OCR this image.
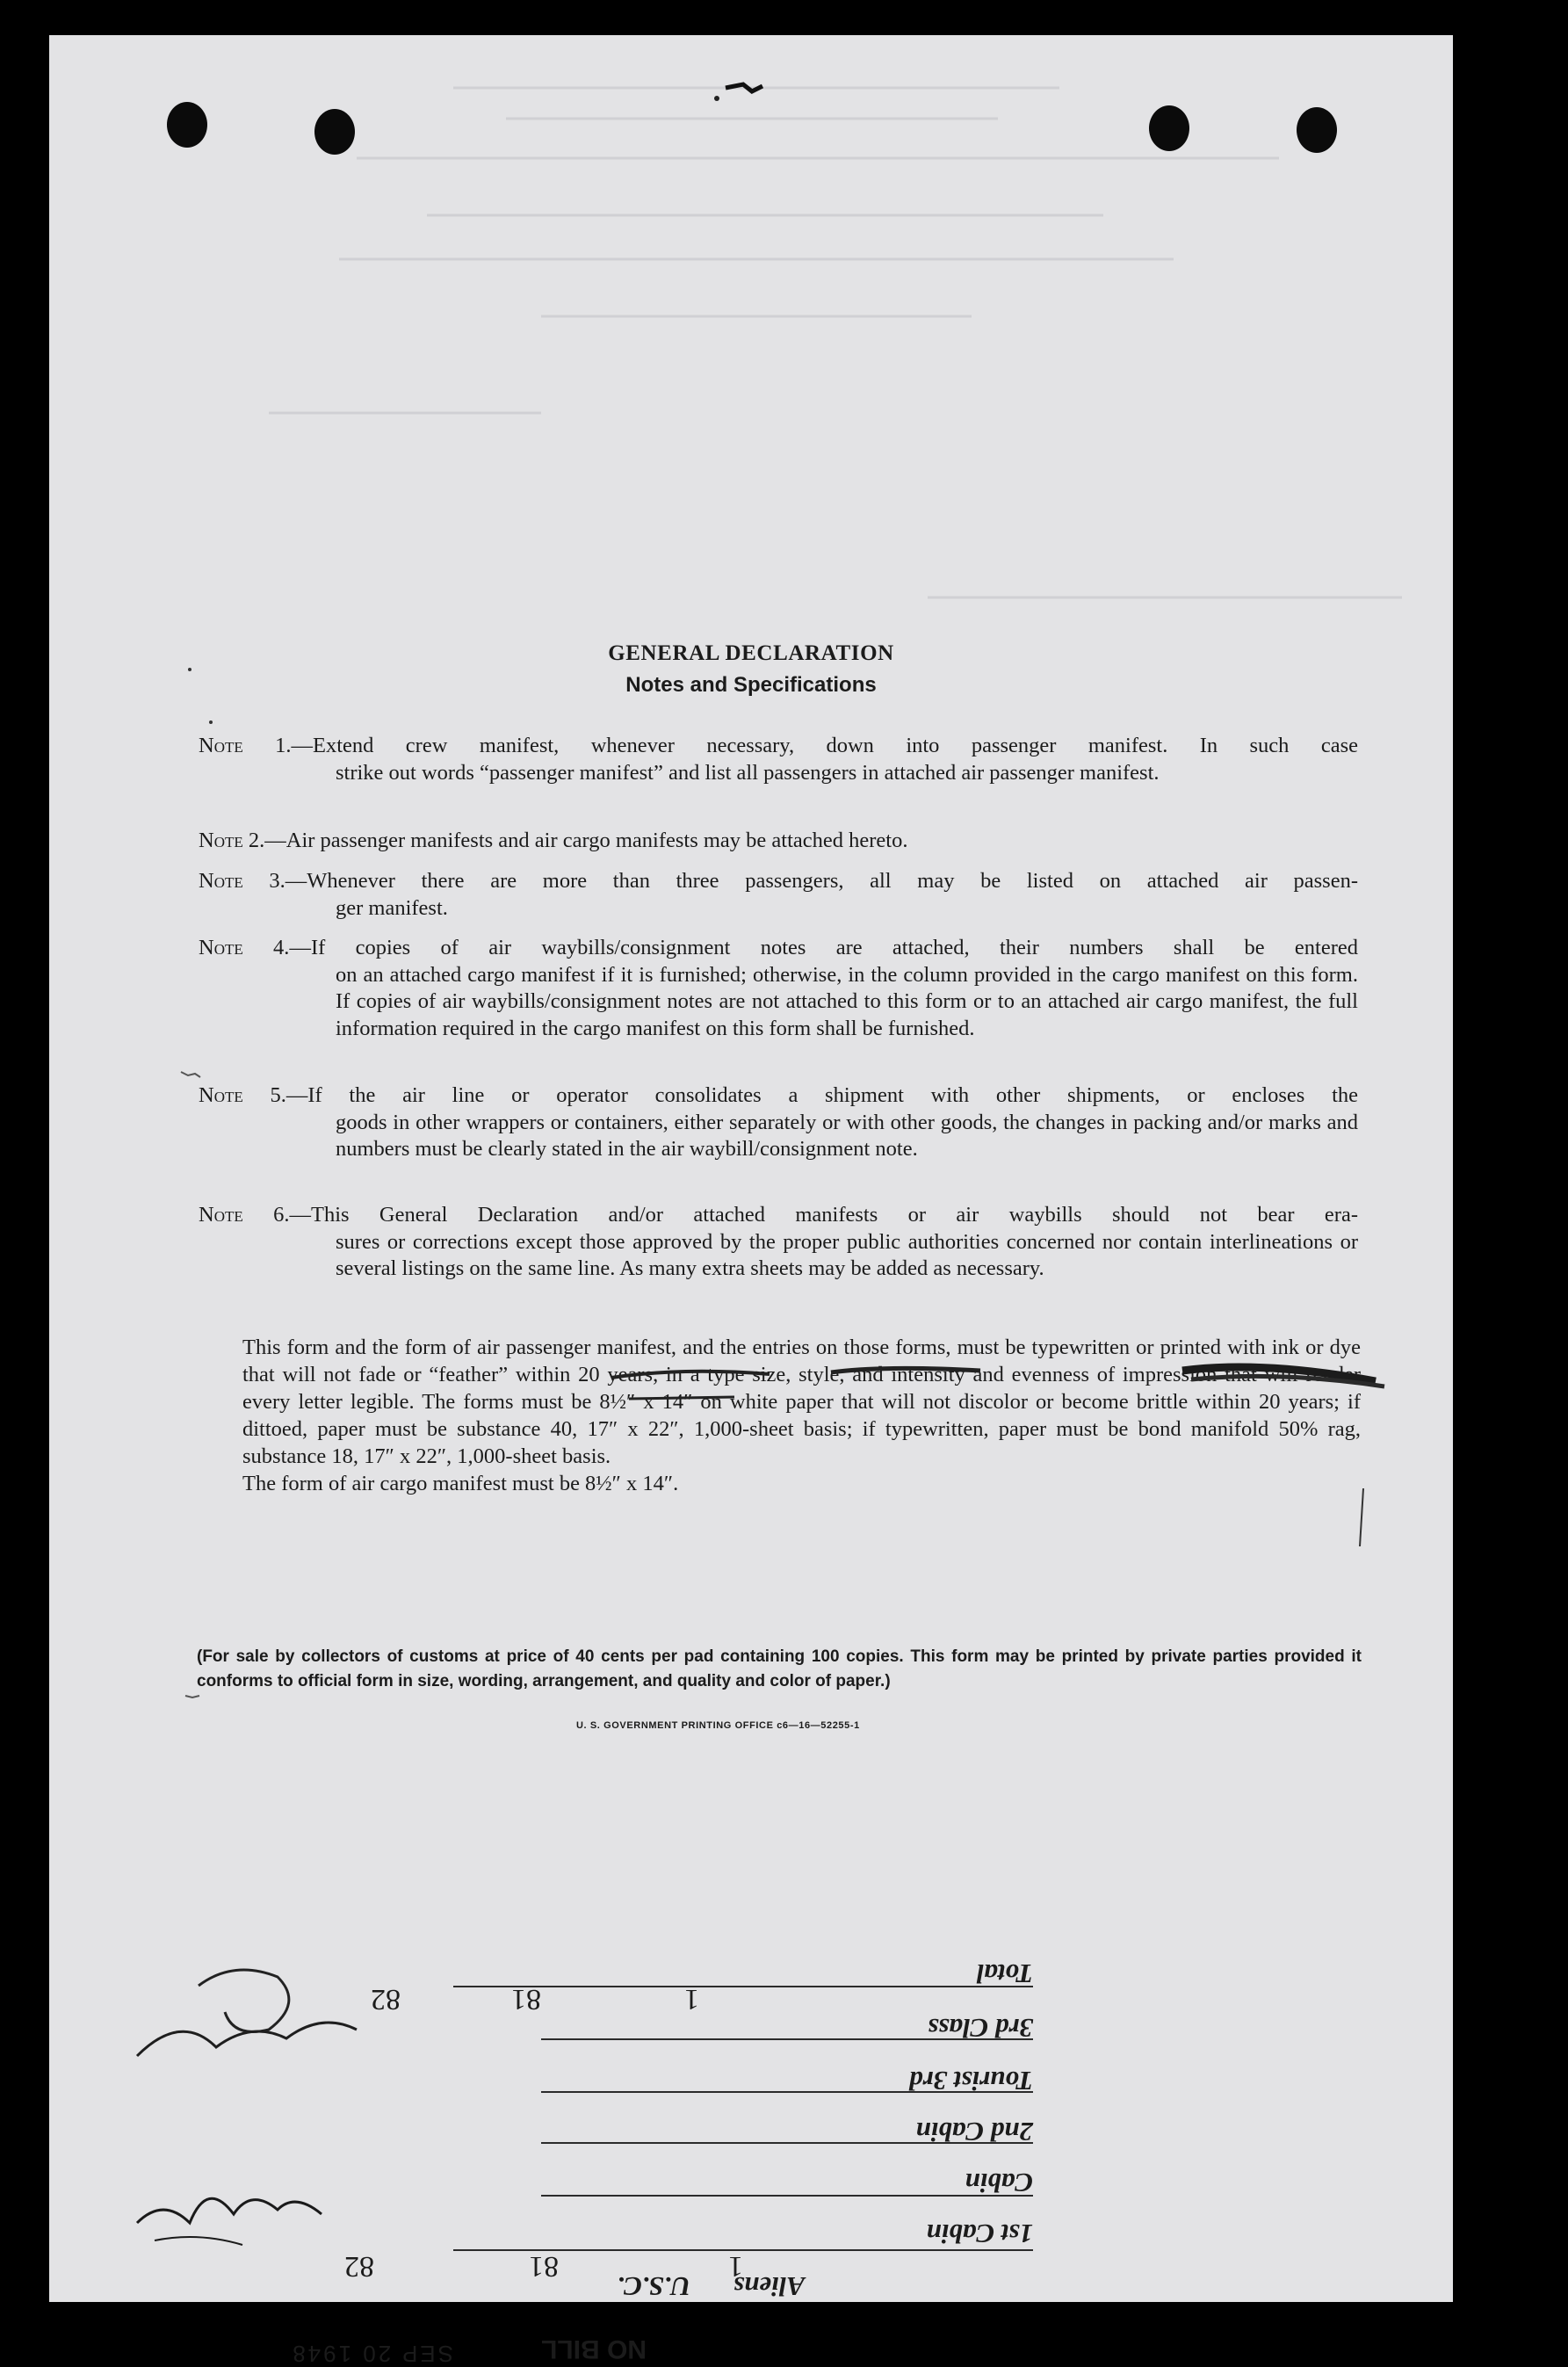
GENERAL DECLARATION
Notes and Specifications
Note 1.—Extend crew manifest, whenever necessary, down into passenger manifest. In such case
strike out words “passenger manifest” and list all passengers in attached air passenger manifest.
Note 2.—Air passenger manifests and air cargo manifests may be attached hereto.
Note 3.—Whenever there are more than three passengers, all may be listed on attached air passen-
ger manifest.
Note 4.—If copies of air waybills/consignment notes are attached, their numbers shall be entered
on an attached cargo manifest if it is furnished; otherwise, in the column provided in the cargo manifest on this form. If copies of air waybills/consignment notes are not attached to this form or to an attached air cargo manifest, the full information required in the cargo manifest on this form shall be furnished.
Note 5.—If the air line or operator consolidates a shipment with other shipments, or encloses the
goods in other wrappers or containers, either separately or with other goods, the changes in packing and/or marks and numbers must be clearly stated in the air waybill/consignment note.
Note 6.—This General Declaration and/or attached manifests or air waybills should not bear era-
sures or corrections except those approved by the proper public authorities concerned nor contain interlineations or several listings on the same line. As many extra sheets may be added as necessary.
This form and the form of air passenger manifest, and the entries on those forms, must be typewritten or printed with ink or dye that will not fade or “feather” within 20 years, in a type size, style, and intensity and evenness of impression that will render every letter legible. The forms must be 8½″ x 14″ on white paper that will not discolor or become brittle within 20 years; if dittoed, paper must be substance 40, 17″ x 22″, 1,000-sheet basis; if typewritten, paper must be bond manifold 50% rag, substance 18, 17″ x 22″, 1,000-sheet basis.
The form of air cargo manifest must be 8½″ x 14″.
(For sale by collectors of customs at price of 40 cents per pad containing 100 copies. This form may be printed by private parties provided it conforms to official form in size, wording, arrangement, and quality and color of paper.)
U. S. GOVERNMENT PRINTING OFFICE c6—16—52255-1
1st Cabin
Cabin
2nd Cabin
Tourist 3rd
3rd Class
Total
Aliens
U.S.C.
1
81
82
1
81
82
NO BILL
SEP 20 1948
